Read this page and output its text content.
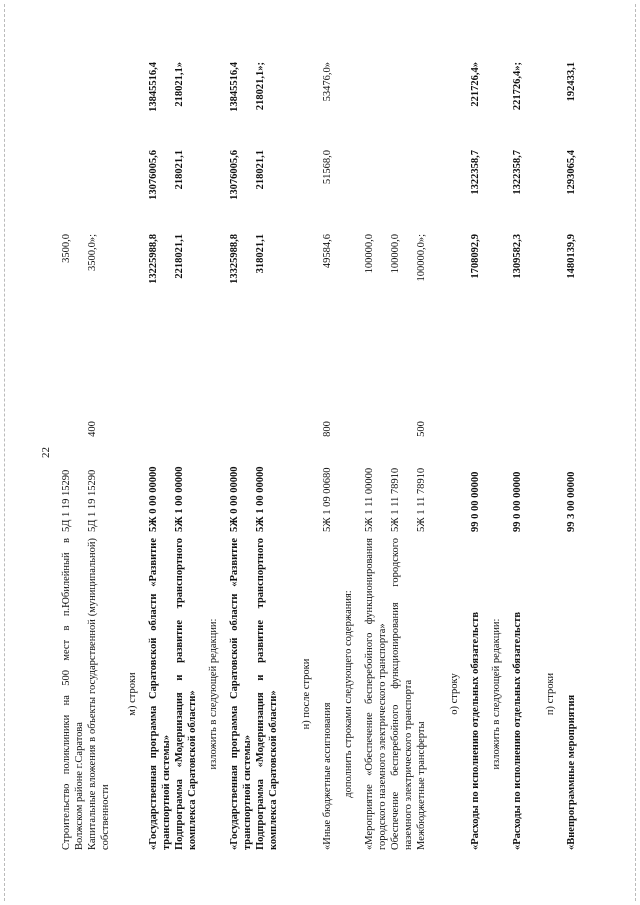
22
Строительство поликлиники на 500 мест в п.Юбилейный в Волжском районе г.Саратова
5Д 1 19 15290
3500,0
Капитальные вложения в объекты государственной (муниципальной) собственности
5Д 1 19 15290
400
3500,0»;
м) строки «Государственная программа Саратовской области «Развитие транспортной системы»
5Ж 0 00 00000
13225988,8
13076005,6
13845516,4
Подпрограмма «Модернизация и развитие транспортного комплекса Саратовской области»
5Ж 1 00 00000
2218021,1
218021,1
218021,1»
изложить в следующей редакции: «Государственная программа Саратовской области «Развитие транспортной системы»
5Ж 0 00 00000
13325988,8
13076005,6
13845516,4
Подпрограмма «Модернизация и развитие транспортного комплекса Саратовской области»
5Ж 1 00 00000
318021,1
218021,1
218021,1»;
н) после строки
«Иные бюджетные ассигнования
5Ж 1 09 00680
800
49584,6
51568,0
53476,0»
дополнить строками следующего содержания: «Мероприятие «Обеспечение бесперебойного функционирования городского наземного электрического транспорта»
5Ж 1 11 00000
100000,0
Обеспечение бесперебойного функционирования городского наземного электрического транспорта
5Ж 1 11 78910
100000,0
Межбюджетные трансферты
5Ж 1 11 78910
500
100000,0»;
о) строку «Расходы по исполнению отдельных обязательств
99 0 00 00000
1708092,9
1322358,7
221726,4»
изложить в следующей редакции: «Расходы по исполнению отдельных обязательств
99 0 00 00000
1309582,3
1322358,7
221726,4»;
п) строки
«Внепрограммные мероприятия
99 3 00 00000
1480139,9
1293065,4
192433,1
